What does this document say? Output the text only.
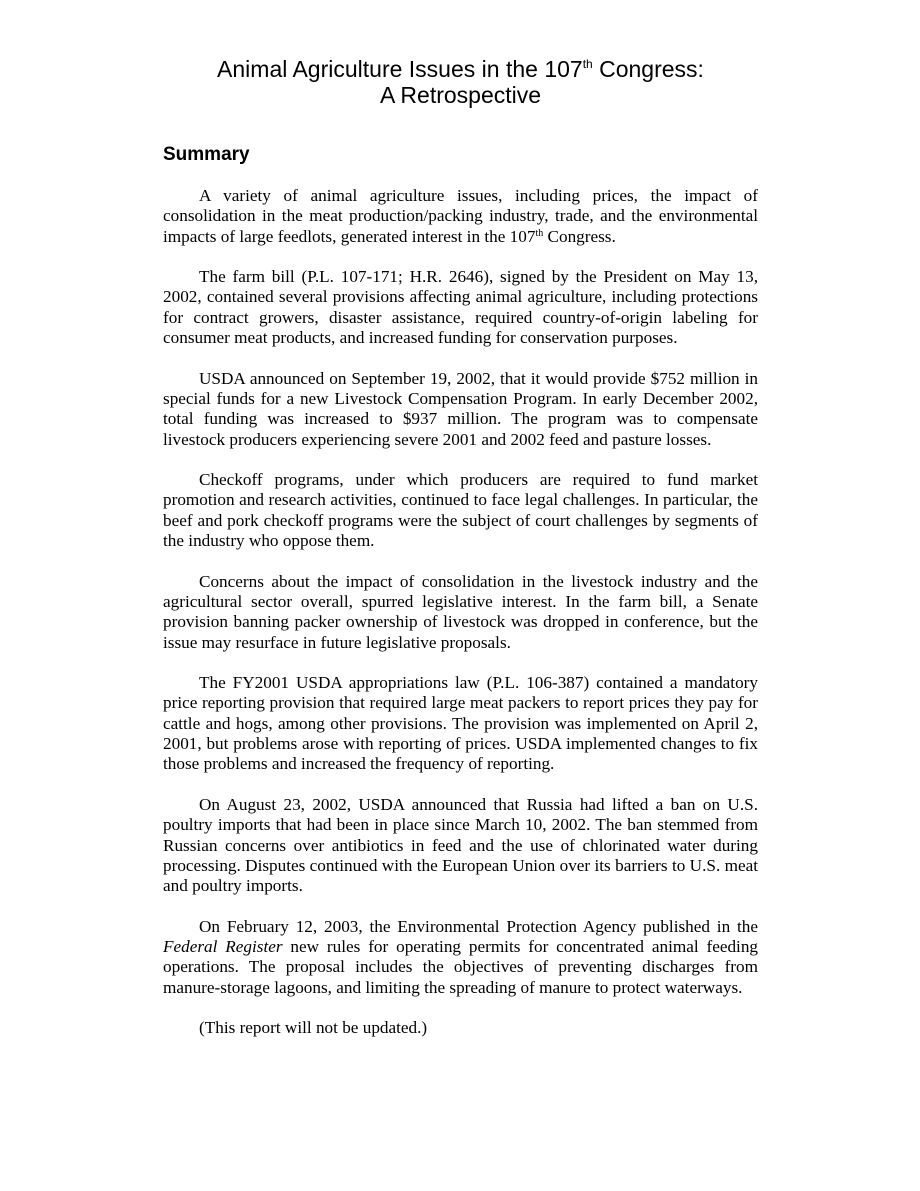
Animal Agriculture Issues in the 107th Congress:
A Retrospective
Summary

A variety of animal agriculture issues, including prices, the impact of consolidation in the meat production/packing industry, trade, and the environmental impacts of large feedlots, generated interest in the 107th Congress.

The farm bill (P.L. 107-171; H.R. 2646), signed by the President on May 13, 2002, contained several provisions affecting animal agriculture, including protections for contract growers, disaster assistance, required country-of-origin labeling for consumer meat products, and increased funding for conservation purposes.

USDA announced on September 19, 2002, that it would provide $752 million in special funds for a new Livestock Compensation Program. In early December 2002, total funding was increased to $937 million. The program was to compensate livestock producers experiencing severe 2001 and 2002 feed and pasture losses.

Checkoff programs, under which producers are required to fund market promotion and research activities, continued to face legal challenges. In particular, the beef and pork checkoff programs were the subject of court challenges by segments of the industry who oppose them.

Concerns about the impact of consolidation in the livestock industry and the agricultural sector overall, spurred legislative interest. In the farm bill, a Senate provision banning packer ownership of livestock was dropped in conference, but the issue may resurface in future legislative proposals.

The FY2001 USDA appropriations law (P.L. 106-387) contained a mandatory price reporting provision that required large meat packers to report prices they pay for cattle and hogs, among other provisions. The provision was implemented on April 2, 2001, but problems arose with reporting of prices. USDA implemented changes to fix those problems and increased the frequency of reporting.

On August 23, 2002, USDA announced that Russia had lifted a ban on U.S. poultry imports that had been in place since March 10, 2002. The ban stemmed from Russian concerns over antibiotics in feed and the use of chlorinated water during processing. Disputes continued with the European Union over its barriers to U.S. meat and poultry imports.

On February 12, 2003, the Environmental Protection Agency published in the Federal Register new rules for operating permits for concentrated animal feeding operations. The proposal includes the objectives of preventing discharges from manure-storage lagoons, and limiting the spreading of manure to protect waterways.

(This report will not be updated.)
